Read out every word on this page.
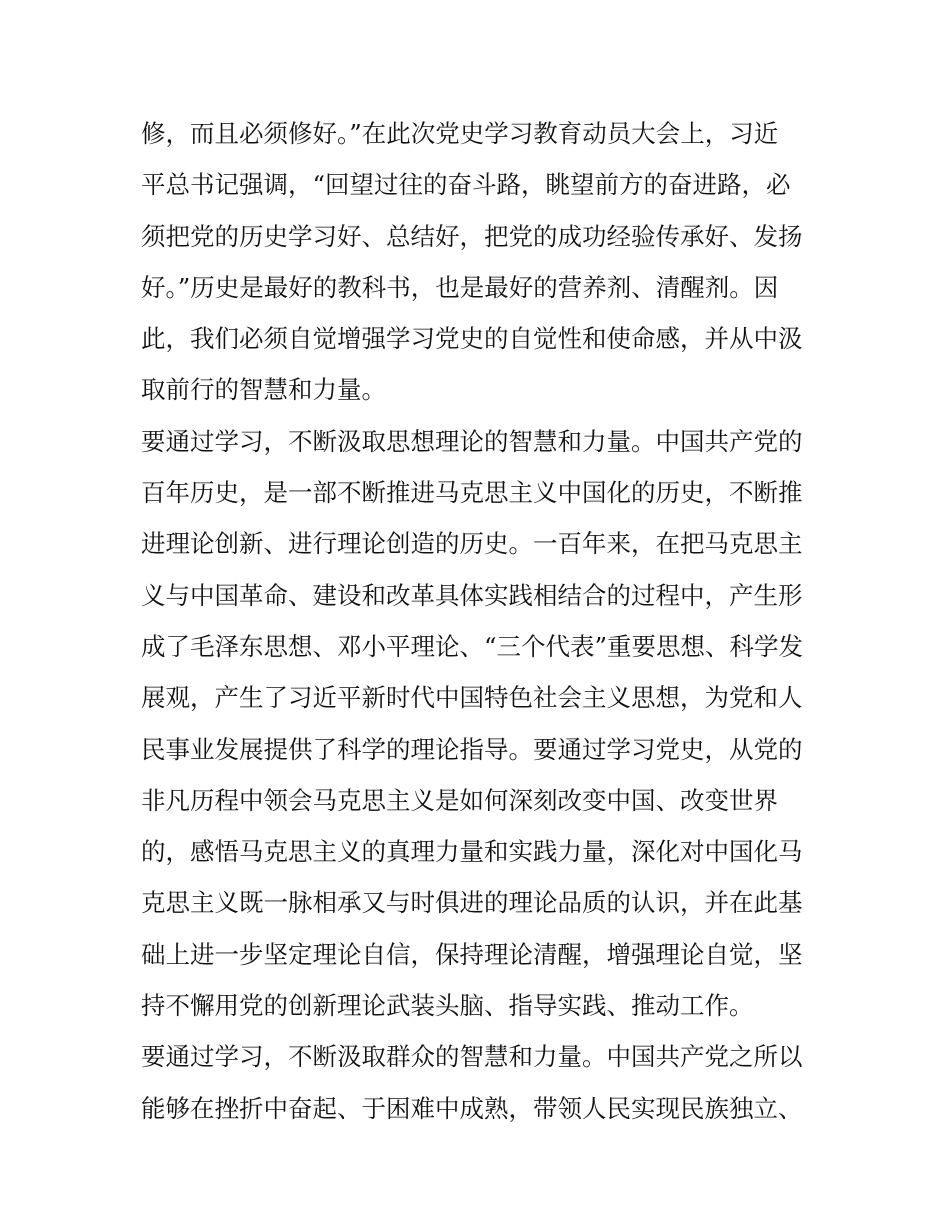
修，而且必须修好。”在此次党史学习教育动员大会上，习近
平总书记强调，“回望过往的奋斗路，眺望前方的奋进路，必
须把党的历史学习好、总结好，把党的成功经验传承好、发扬
好。”历史是最好的教科书，也是最好的营养剂、清醒剂。因
此，我们必须自觉增强学习党史的自觉性和使命感，并从中汲
取前行的智慧和力量。
要通过学习，不断汲取思想理论的智慧和力量。中国共产党的
百年历史，是一部不断推进马克思主义中国化的历史，不断推
进理论创新、进行理论创造的历史。一百年来，在把马克思主
义与中国革命、建设和改革具体实践相结合的过程中，产生形
成了毛泽东思想、邓小平理论、“三个代表”重要思想、科学发
展观，产生了习近平新时代中国特色社会主义思想，为党和人
民事业发展提供了科学的理论指导。要通过学习党史，从党的
非凡历程中领会马克思主义是如何深刻改变中国、改变世界
的，感悟马克思主义的真理力量和实践力量，深化对中国化马
克思主义既一脉相承又与时俱进的理论品质的认识，并在此基
础上进一步坚定理论自信，保持理论清醒，增强理论自觉，坚
持不懈用党的创新理论武装头脑、指导实践、推动工作。
要通过学习，不断汲取群众的智慧和力量。中国共产党之所以
能够在挫折中奋起、于困难中成熟，带领人民实现民族独立、
